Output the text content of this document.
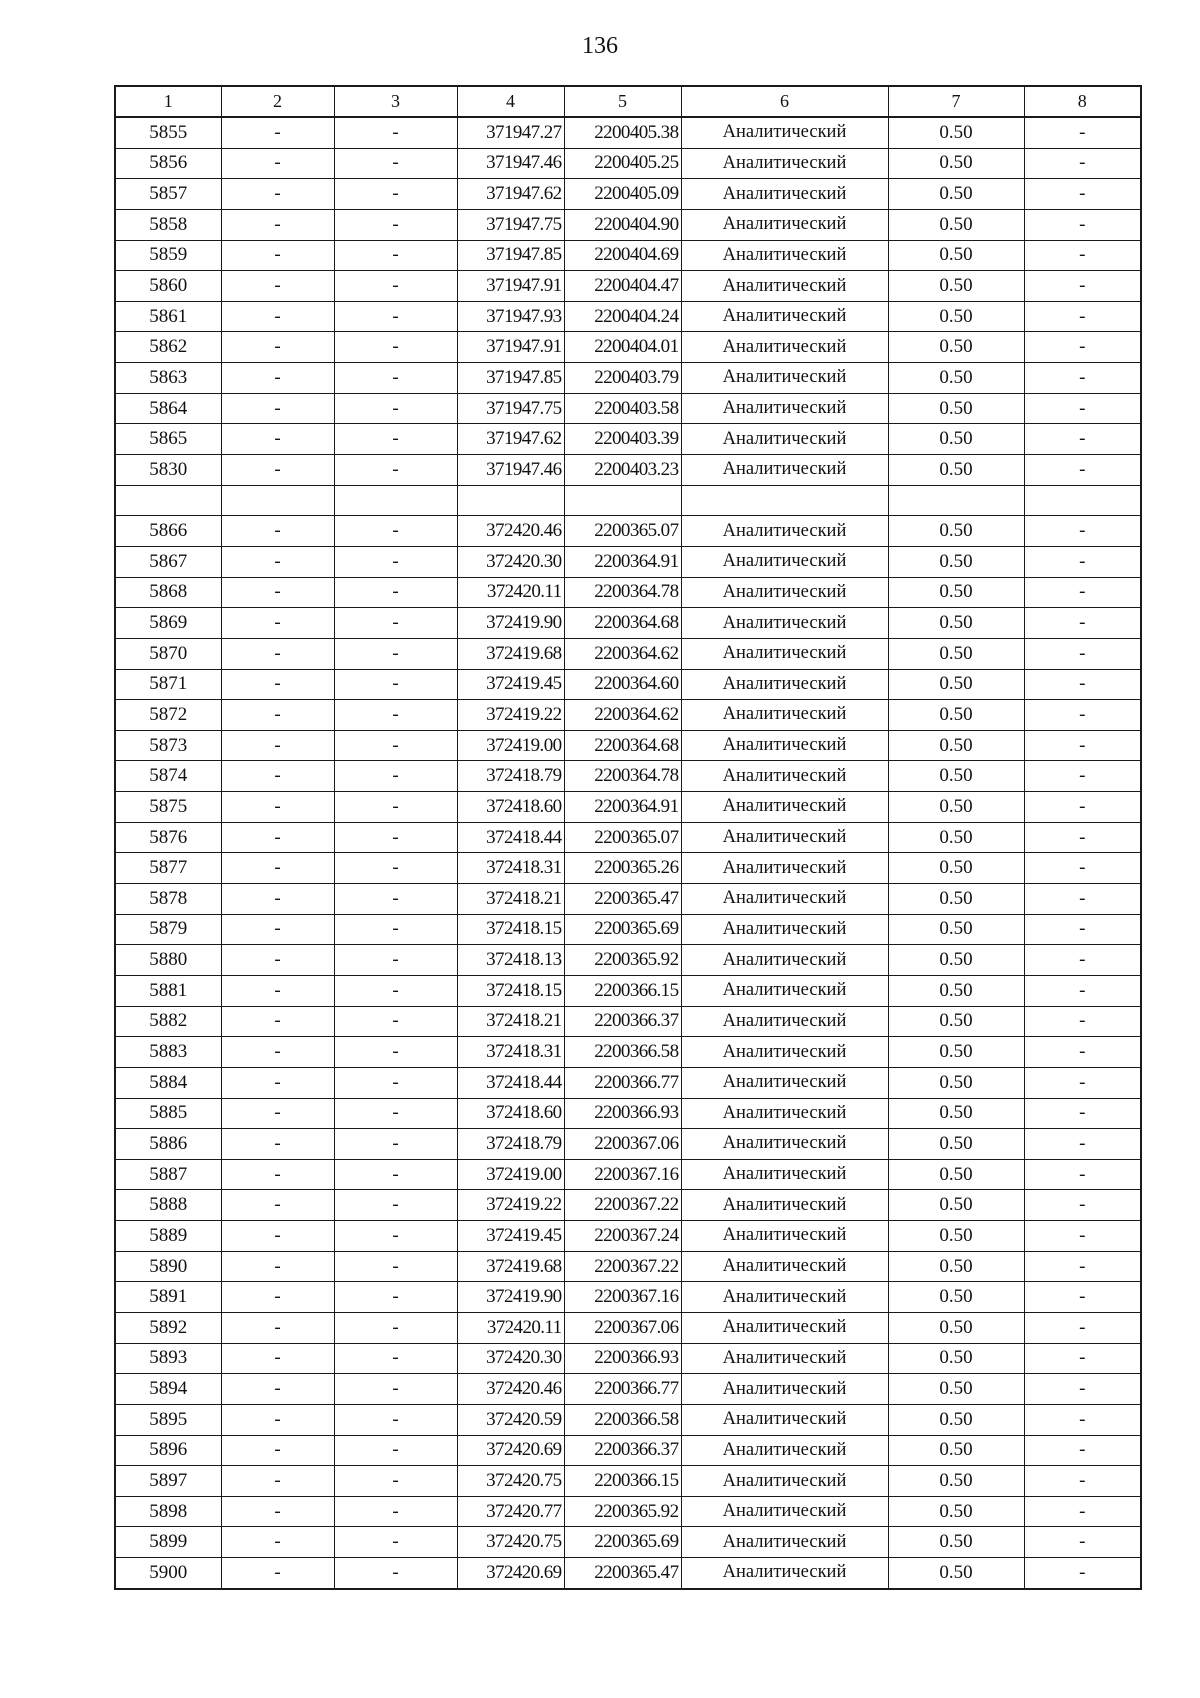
136
1	2	3	4	5	6	7	8
5855	-	-	371947.27	2200405.38	Аналитический	0.50	-
5856	-	-	371947.46	2200405.25	Аналитический	0.50	-
5857	-	-	371947.62	2200405.09	Аналитический	0.50	-
5858	-	-	371947.75	2200404.90	Аналитический	0.50	-
5859	-	-	371947.85	2200404.69	Аналитический	0.50	-
5860	-	-	371947.91	2200404.47	Аналитический	0.50	-
5861	-	-	371947.93	2200404.24	Аналитический	0.50	-
5862	-	-	371947.91	2200404.01	Аналитический	0.50	-
5863	-	-	371947.85	2200403.79	Аналитический	0.50	-
5864	-	-	371947.75	2200403.58	Аналитический	0.50	-
5865	-	-	371947.62	2200403.39	Аналитический	0.50	-
5830	-	-	371947.46	2200403.23	Аналитический	0.50	-

5866	-	-	372420.46	2200365.07	Аналитический	0.50	-
5867	-	-	372420.30	2200364.91	Аналитический	0.50	-
5868	-	-	372420.11	2200364.78	Аналитический	0.50	-
5869	-	-	372419.90	2200364.68	Аналитический	0.50	-
5870	-	-	372419.68	2200364.62	Аналитический	0.50	-
5871	-	-	372419.45	2200364.60	Аналитический	0.50	-
5872	-	-	372419.22	2200364.62	Аналитический	0.50	-
5873	-	-	372419.00	2200364.68	Аналитический	0.50	-
5874	-	-	372418.79	2200364.78	Аналитический	0.50	-
5875	-	-	372418.60	2200364.91	Аналитический	0.50	-
5876	-	-	372418.44	2200365.07	Аналитический	0.50	-
5877	-	-	372418.31	2200365.26	Аналитический	0.50	-
5878	-	-	372418.21	2200365.47	Аналитический	0.50	-
5879	-	-	372418.15	2200365.69	Аналитический	0.50	-
5880	-	-	372418.13	2200365.92	Аналитический	0.50	-
5881	-	-	372418.15	2200366.15	Аналитический	0.50	-
5882	-	-	372418.21	2200366.37	Аналитический	0.50	-
5883	-	-	372418.31	2200366.58	Аналитический	0.50	-
5884	-	-	372418.44	2200366.77	Аналитический	0.50	-
5885	-	-	372418.60	2200366.93	Аналитический	0.50	-
5886	-	-	372418.79	2200367.06	Аналитический	0.50	-
5887	-	-	372419.00	2200367.16	Аналитический	0.50	-
5888	-	-	372419.22	2200367.22	Аналитический	0.50	-
5889	-	-	372419.45	2200367.24	Аналитический	0.50	-
5890	-	-	372419.68	2200367.22	Аналитический	0.50	-
5891	-	-	372419.90	2200367.16	Аналитический	0.50	-
5892	-	-	372420.11	2200367.06	Аналитический	0.50	-
5893	-	-	372420.30	2200366.93	Аналитический	0.50	-
5894	-	-	372420.46	2200366.77	Аналитический	0.50	-
5895	-	-	372420.59	2200366.58	Аналитический	0.50	-
5896	-	-	372420.69	2200366.37	Аналитический	0.50	-
5897	-	-	372420.75	2200366.15	Аналитический	0.50	-
5898	-	-	372420.77	2200365.92	Аналитический	0.50	-
5899	-	-	372420.75	2200365.69	Аналитический	0.50	-
5900	-	-	372420.69	2200365.47	Аналитический	0.50	-
